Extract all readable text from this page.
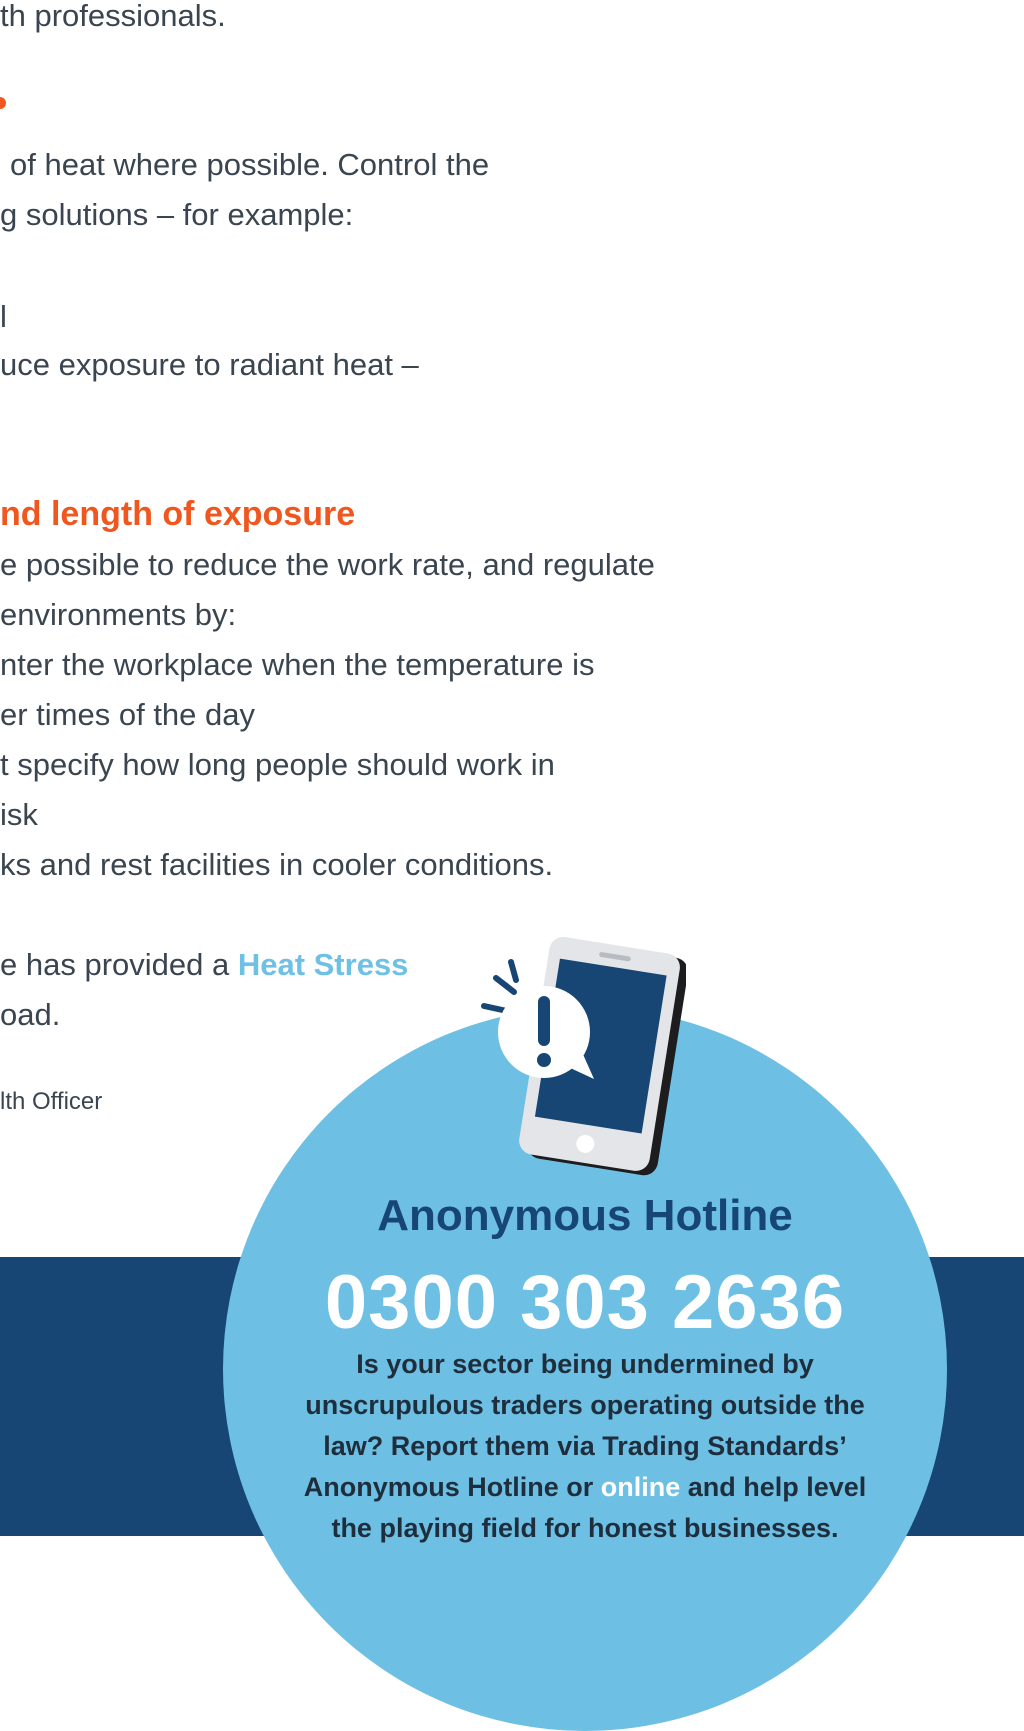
th professionals.
of heat where possible. Control the
g solutions – for example:
l
uce exposure to radiant heat –
nd length of exposure
e possible to reduce the work rate, and regulate
environments by:
nter the workplace when the temperature is
er times of the day
t specify how long people should work in
isk
ks and rest facilities in cooler conditions.
e has provided a Heat Stress
oad.
lth Officer
Anonymous Hotline
0300 303 2636
Is your sector being undermined by
unscrupulous traders operating outside the
law? Report them via Trading Standards’
Anonymous Hotline or online and help level
the playing field for honest businesses.
